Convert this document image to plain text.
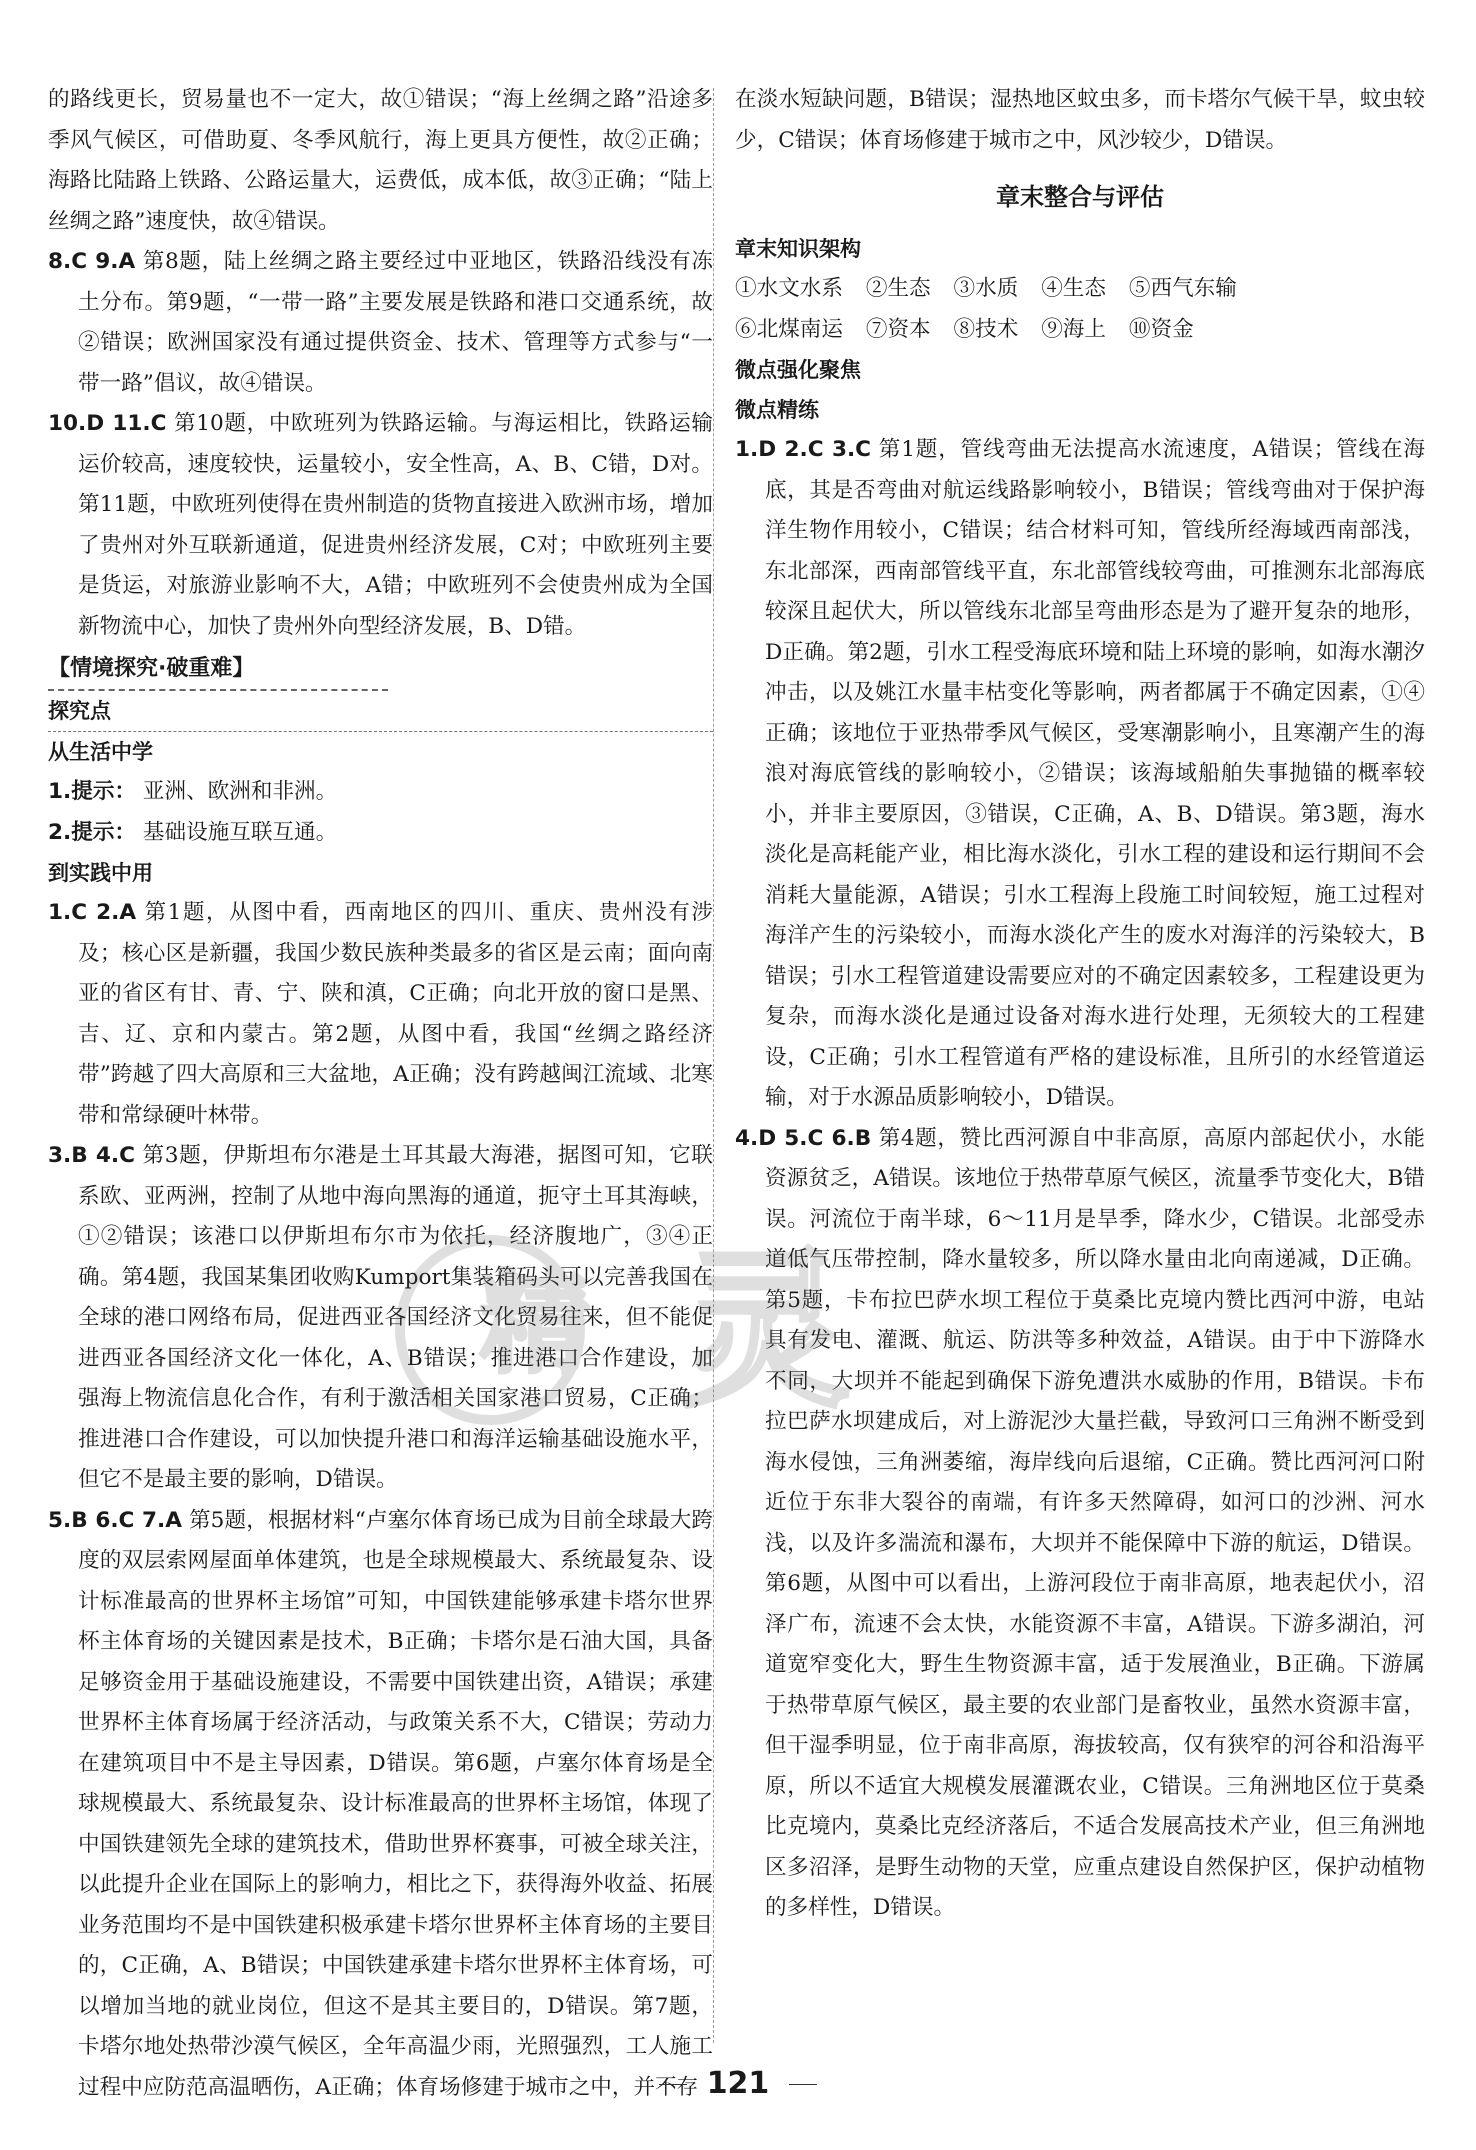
的路线更长，贸易量也不一定大，故①错误；“海上丝绸之路”沿途多季风气候区，可借助夏、冬季风航行，海上更具方便性，故②正确；海路比陆路上铁路、公路运量大，运费低，成本低，故③正确；“陆上丝绸之路”速度快，故④错误。

8.C 9.A 第8题，陆上丝绸之路主要经过中亚地区，铁路沿线没有冻土分布。第9题，“一带一路”主要发展是铁路和港口交通系统，故②错误；欧洲国家没有通过提供资金、技术、管理等方式参与“一带一路”倡议，故④错误。

10.D 11.C 第10题，中欧班列为铁路运输。与海运相比，铁路运输运价较高，速度较快，运量较小，安全性高，A、B、C错，D对。第11题，中欧班列使得在贵州制造的货物直接进入欧洲市场，增加了贵州对外互联新通道，促进贵州经济发展，C对；中欧班列主要是货运，对旅游业影响不大，A错；中欧班列不会使贵州成为全国新物流中心，加快了贵州外向型经济发展，B、D错。

【情境探究·破重难】

探究点

从生活中学

1.提示： 亚洲、欧洲和非洲。

2.提示： 基础设施互联互通。

到实践中用

1.C 2.A 第1题，从图中看，西南地区的四川、重庆、贵州没有涉及；核心区是新疆，我国少数民族种类最多的省区是云南；面向南亚的省区有甘、青、宁、陕和滇，C正确；向北开放的窗口是黑、吉、辽、京和内蒙古。第2题，从图中看，我国“丝绸之路经济带”跨越了四大高原和三大盆地，A正确；没有跨越闽江流域、北寒带和常绿硬叶林带。

3.B 4.C 第3题，伊斯坦布尔港是土耳其最大海港，据图可知，它联系欧、亚两洲，控制了从地中海向黑海的通道，扼守土耳其海峡，①②错误；该港口以伊斯坦布尔市为依托，经济腹地广，③④正确。第4题，我国某集团收购Kumport集装箱码头可以完善我国在全球的港口网络布局，促进西亚各国经济文化贸易往来，但不能促进西亚各国经济文化一体化，A、B错误；推进港口合作建设，加强海上物流信息化合作，有利于激活相关国家港口贸易，C正确；推进港口合作建设，可以加快提升港口和海洋运输基础设施水平，但它不是最主要的影响，D错误。

5.B 6.C 7.A 第5题，根据材料“卢塞尔体育场已成为目前全球最大跨度的双层索网屋面单体建筑，也是全球规模最大、系统最复杂、设计标准最高的世界杯主场馆”可知，中国铁建能够承建卡塔尔世界杯主体育场的关键因素是技术，B正确；卡塔尔是石油大国，具备足够资金用于基础设施建设，不需要中国铁建出资，A错误；承建世界杯主体育场属于经济活动，与政策关系不大，C错误；劳动力在建筑项目中不是主导因素，D错误。第6题，卢塞尔体育场是全球规模最大、系统最复杂、设计标准最高的世界杯主场馆，体现了中国铁建领先全球的建筑技术，借助世界杯赛事，可被全球关注，以此提升企业在国际上的影响力，相比之下，获得海外收益、拓展业务范围均不是中国铁建积极承建卡塔尔世界杯主体育场的主要目的，C正确，A、B错误；中国铁建承建卡塔尔世界杯主体育场，可以增加当地的就业岗位，但这不是其主要目的，D错误。第7题，卡塔尔地处热带沙漠气候区，全年高温少雨，光照强烈，工人施工过程中应防范高温晒伤，A正确；体育场修建于城市之中，并不存

在淡水短缺问题，B错误；湿热地区蚊虫多，而卡塔尔气候干旱，蚊虫较少，C错误；体育场修建于城市之中，风沙较少，D错误。

章末整合与评估

章末知识架构

①水文水系 ②生态 ③水质 ④生态 ⑤西气东输

⑥北煤南运 ⑦资本 ⑧技术 ⑨海上 ⑩资金

微点强化聚焦

微点精练

1.D 2.C 3.C 第1题，管线弯曲无法提高水流速度，A错误；管线在海底，其是否弯曲对航运线路影响较小，B错误；管线弯曲对于保护海洋生物作用较小，C错误；结合材料可知，管线所经海域西南部浅，东北部深，西南部管线平直，东北部管线较弯曲，可推测东北部海底较深且起伏大，所以管线东北部呈弯曲形态是为了避开复杂的地形，D正确。第2题，引水工程受海底环境和陆上环境的影响，如海水潮汐冲击，以及姚江水量丰枯变化等影响，两者都属于不确定因素，①④正确；该地位于亚热带季风气候区，受寒潮影响小，且寒潮产生的海浪对海底管线的影响较小，②错误；该海域船舶失事抛锚的概率较小，并非主要原因，③错误，C正确，A、B、D错误。第3题，海水淡化是高耗能产业，相比海水淡化，引水工程的建设和运行期间不会消耗大量能源，A错误；引水工程海上段施工时间较短，施工过程对海洋产生的污染较小，而海水淡化产生的废水对海洋的污染较大，B错误；引水工程管道建设需要应对的不确定因素较多，工程建设更为复杂，而海水淡化是通过设备对海水进行处理，无须较大的工程建设，C正确；引水工程管道有严格的建设标准，且所引的水经管道运输，对于水源品质影响较小，D错误。

4.D 5.C 6.B 第4题，赞比西河源自中非高原，高原内部起伏小，水能资源贫乏，A错误。该地位于热带草原气候区，流量季节变化大，B错误。河流位于南半球，6～11月是旱季，降水少，C错误。北部受赤道低气压带控制，降水量较多，所以降水量由北向南递减，D正确。第5题，卡布拉巴萨水坝工程位于莫桑比克境内赞比西河中游，电站具有发电、灌溉、航运、防洪等多种效益，A错误。由于中下游降水不同，大坝并不能起到确保下游免遭洪水威胁的作用，B错误。卡布拉巴萨水坝建成后，对上游泥沙大量拦截，导致河口三角洲不断受到海水侵蚀，三角洲萎缩，海岸线向后退缩，C正确。赞比西河河口附近位于东非大裂谷的南端，有许多天然障碍，如河口的沙洲、河水浅，以及许多湍流和瀑布，大坝并不能保障中下游的航运，D错误。第6题，从图中可以看出，上游河段位于南非高原，地表起伏小，沼泽广布，流速不会太快，水能资源不丰富，A错误。下游多湖泊，河道宽窄变化大，野生生物资源丰富，适于发展渔业，B正确。下游属于热带草原气候区，最主要的农业部门是畜牧业，虽然水资源丰富，但干湿季明显，位于南非高原，海拔较高，仅有狭窄的河谷和沿海平原，所以不适宜大规模发展灌溉农业，C错误。三角洲地区位于莫桑比克境内，莫桑比克经济落后，不适合发展高技术产业，但三角洲地区多沼泽，是野生动物的天堂，应重点建设自然保护区，保护动植物的多样性，D错误。

精 灵
121
